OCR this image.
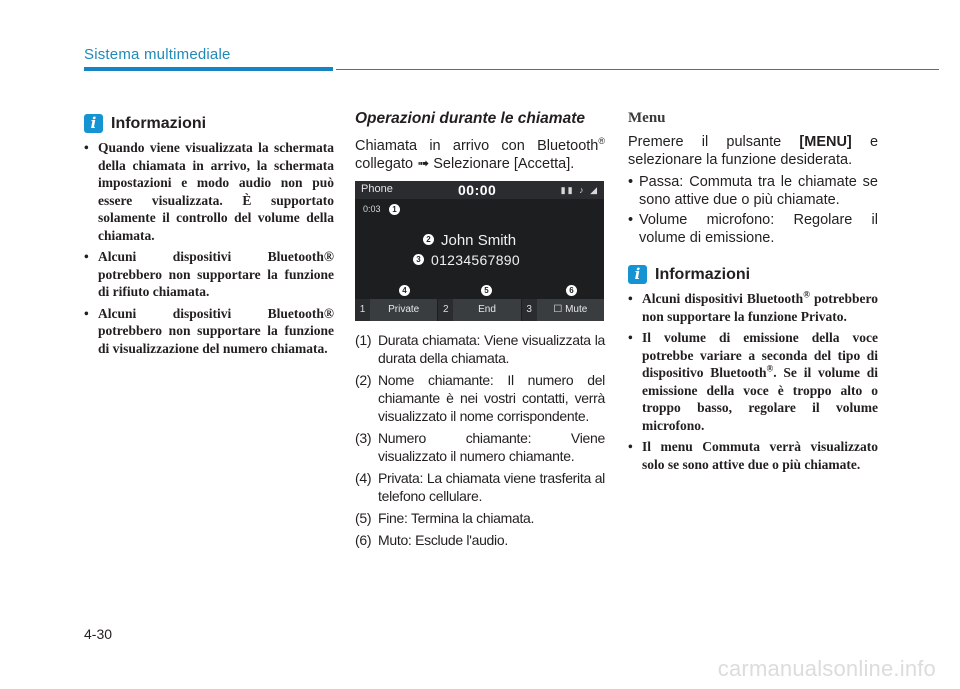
Sistema multimediale
i Informazioni
• Quando viene visualizzata la schermata della chiamata in arrivo, la schermata impostazioni e modo audio non può essere visualizzata. È supportato solamente il controllo del volume della chiamata.
• Alcuni dispositivi Bluetooth® potrebbero non supportare la funzione di rifiuto chiamata.
• Alcuni dispositivi Bluetooth® potrebbero non supportare la funzione di visualizzazione del numero chiamata.
Operazioni durante le chiamate
Chiamata in arrivo con Bluetooth® collegato ➟ Selezionare [Accetta].
Phone	00:00	▮▮ ♪ ◢
0:03	1
2 John Smith
3 01234567890
4	5	6
1	Private	2	End	3	☐ Mute
(1) Durata chiamata: Viene visualizzata la durata della chiamata.
(2) Nome chiamante: Il numero del chiamante è nei vostri contatti, verrà visualizzato il nome corrispondente.
(3) Numero chiamante: Viene visualizzato il numero chiamante.
(4) Privata: La chiamata viene trasferita al telefono cellulare.
(5) Fine: Termina la chiamata.
(6) Muto: Esclude l'audio.
Menu
Premere il pulsante [MENU] e selezionare la funzione desiderata.
• Passa: Commuta tra le chiamate se sono attive due o più chiamate.
• Volume microfono: Regolare il volume di emissione.
i Informazioni
• Alcuni dispositivi Bluetooth® potrebbero non supportare la funzione Privato.
• Il volume di emissione della voce potrebbe variare a seconda del tipo di dispositivo Bluetooth®. Se il volume di emissione della voce è troppo alto o troppo basso, regolare il volume microfono.
• Il menu Commuta verrà visualizzato solo se sono attive due o più chiamate.
4-30
carmanualsonline.info
